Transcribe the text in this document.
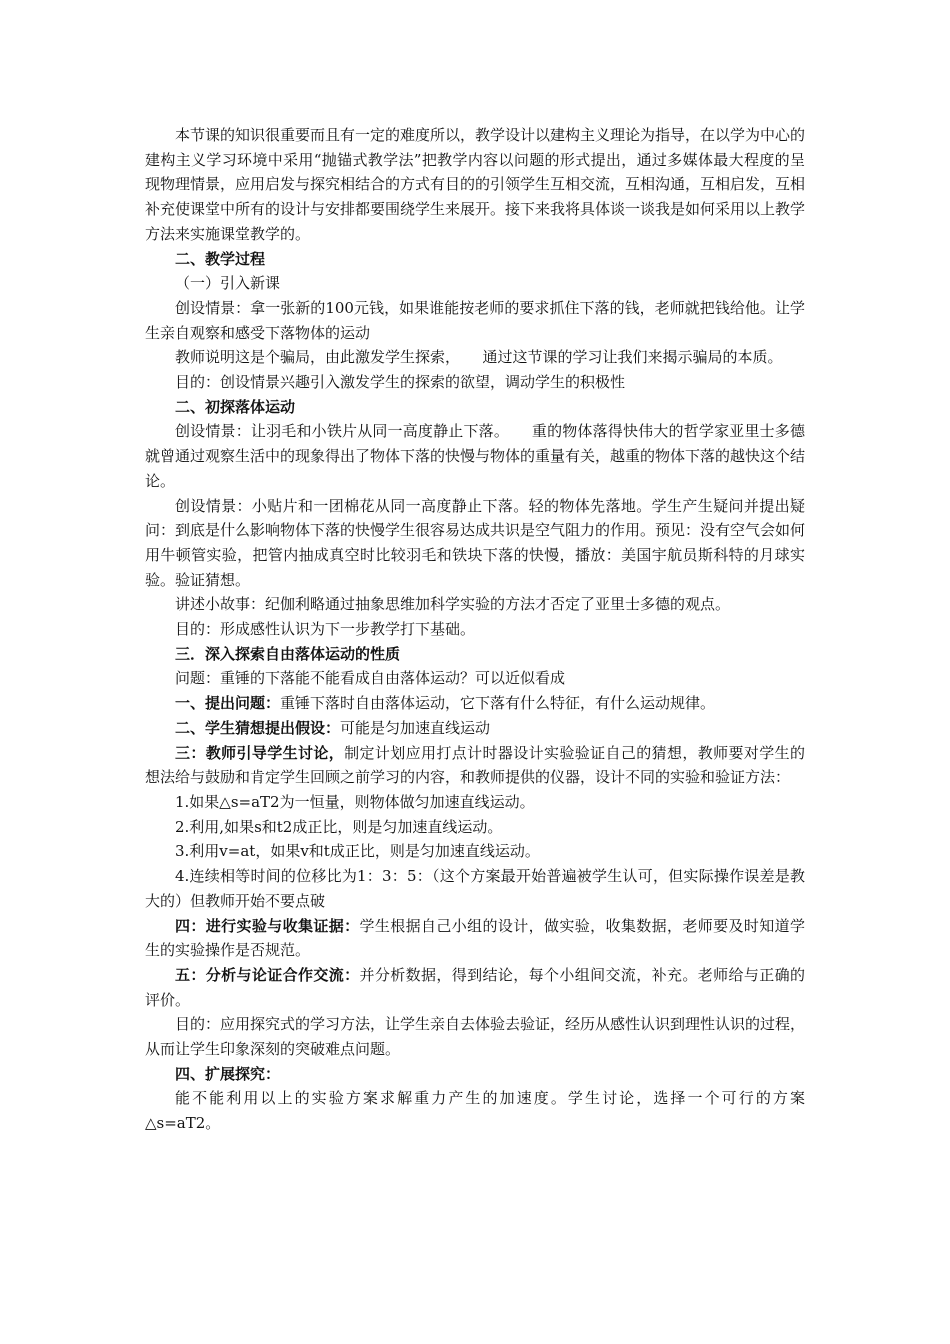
本节课的知识很重要而且有一定的难度所以，教学设计以建构主义理论为指导，在以学为中心的建构主义学习环境中采用“抛锚式教学法”把教学内容以问题的形式提出，通过多媒体最大程度的呈现物理情景，应用启发与探究相结合的方式有目的的引领学生互相交流，互相沟通，互相启发，互相补充使课堂中所有的设计与安排都要围绕学生来展开。接下来我将具体谈一谈我是如何采用以上教学方法来实施课堂教学的。

二、教学过程

（一）引入新课

创设情景：拿一张新的100元钱，如果谁能按老师的要求抓住下落的钱，老师就把钱给他。让学生亲自观察和感受下落物体的运动

教师说明这是个骗局，由此激发学生探索，　　通过这节课的学习让我们来揭示骗局的本质。

目的：创设情景兴趣引入激发学生的探索的欲望，调动学生的积极性

二、初探落体运动

创设情景：让羽毛和小铁片从同一高度静止下落。　　重的物体落得快伟大的哲学家亚里士多德就曾通过观察生活中的现象得出了物体下落的快慢与物体的重量有关，越重的物体下落的越快这个结论。

创设情景：小贴片和一团棉花从同一高度静止下落。轻的物体先落地。学生产生疑问并提出疑问：到底是什么影响物体下落的快慢学生很容易达成共识是空气阻力的作用。预见：没有空气会如何用牛顿管实验，把管内抽成真空时比较羽毛和铁块下落的快慢，播放：美国宇航员斯科特的月球实验。验证猜想。

讲述小故事：纪伽利略通过抽象思维加科学实验的方法才否定了亚里士多德的观点。

目的：形成感性认识为下一步教学打下基础。

三．深入探索自由落体运动的性质

问题：重锤的下落能不能看成自由落体运动？可以近似看成

一、提出问题：重锤下落时自由落体运动，它下落有什么特征，有什么运动规律。

二、学生猜想提出假设：可能是匀加速直线运动

三：教师引导学生讨论，制定计划应用打点计时器设计实验验证自己的猜想，教师要对学生的想法给与鼓励和肯定学生回顾之前学习的内容，和教师提供的仪器，设计不同的实验和验证方法：

1.如果△s=aT2为一恒量，则物体做匀加速直线运动。

2.利用,如果s和t2成正比，则是匀加速直线运动。

3.利用v=at，如果v和t成正比，则是匀加速直线运动。

4.连续相等时间的位移比为1：3：5：（这个方案最开始普遍被学生认可，但实际操作误差是教大的）但教师开始不要点破

四：进行实验与收集证据：学生根据自己小组的设计，做实验，收集数据，老师要及时知道学生的实验操作是否规范。

五：分析与论证合作交流：并分析数据，得到结论，每个小组间交流，补充。老师给与正确的评价。

目的：应用探究式的学习方法，让学生亲自去体验去验证，经历从感性认识到理性认识的过程，从而让学生印象深刻的突破难点问题。

四、扩展探究：

能不能利用以上的实验方案求解重力产生的加速度。学生讨论，选择一个可行的方案△s=aT2。
